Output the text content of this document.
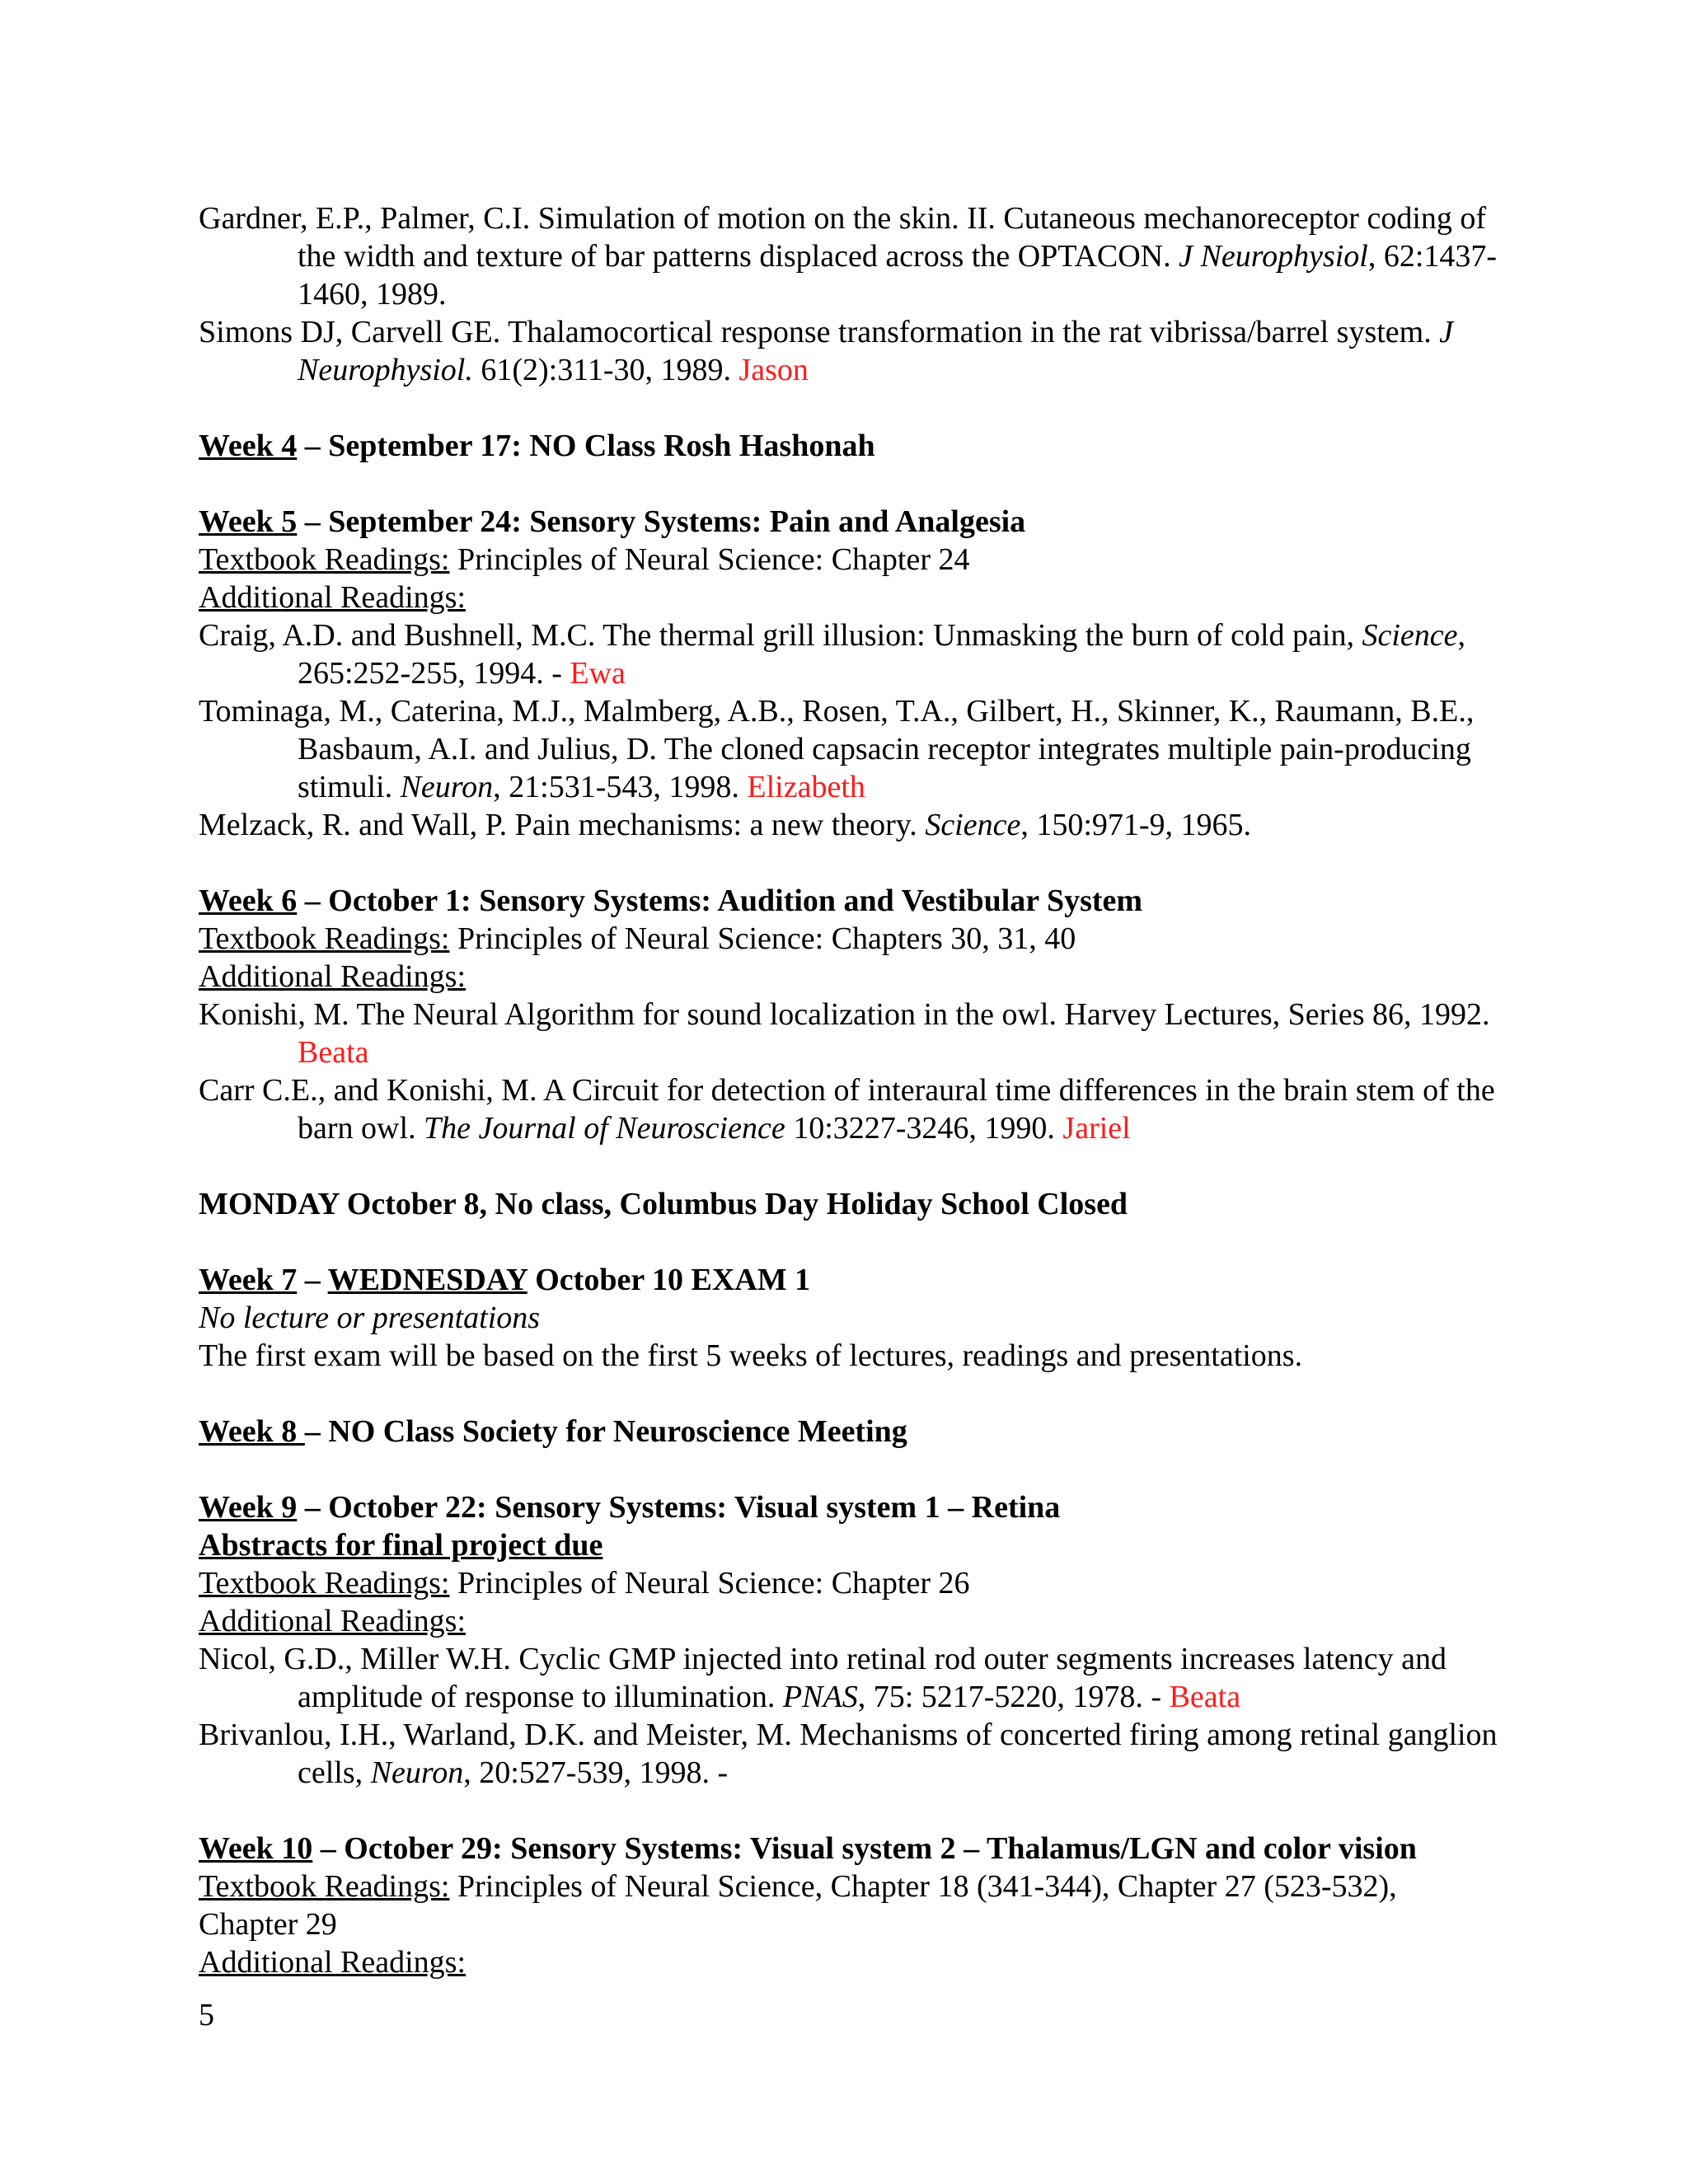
Gardner, E.P., Palmer, C.I. Simulation of motion on the skin. II. Cutaneous mechanoreceptor coding of the width and texture of bar patterns displaced across the OPTACON. J Neurophysiol, 62:1437-1460, 1989.

Simons DJ, Carvell GE. Thalamocortical response transformation in the rat vibrissa/barrel system. J Neurophysiol. 61(2):311-30, 1989. Jason

Week 4 – September 17: NO Class Rosh Hashonah

Week 5 – September 24: Sensory Systems: Pain and Analgesia

Textbook Readings: Principles of Neural Science: Chapter 24

Additional Readings:

Craig, A.D. and Bushnell, M.C. The thermal grill illusion: Unmasking the burn of cold pain, Science, 265:252-255, 1994. - Ewa

Tominaga, M., Caterina, M.J., Malmberg, A.B., Rosen, T.A., Gilbert, H., Skinner, K., Raumann, B.E., Basbaum, A.I. and Julius, D. The cloned capsacin receptor integrates multiple pain-producing stimuli. Neuron, 21:531-543, 1998. Elizabeth

Melzack, R. and Wall, P. Pain mechanisms: a new theory. Science, 150:971-9, 1965.

Week 6 – October 1: Sensory Systems: Audition and Vestibular System

Textbook Readings: Principles of Neural Science: Chapters 30, 31, 40

Additional Readings:

Konishi, M. The Neural Algorithm for sound localization in the owl. Harvey Lectures, Series 86, 1992. Beata

Carr C.E., and Konishi, M. A Circuit for detection of interaural time differences in the brain stem of the barn owl. The Journal of Neuroscience 10:3227-3246, 1990. Jariel

MONDAY October 8, No class, Columbus Day Holiday School Closed

Week 7 – WEDNESDAY October 10 EXAM 1

No lecture or presentations

The first exam will be based on the first 5 weeks of lectures, readings and presentations.

Week 8 – NO Class Society for Neuroscience Meeting

Week 9 – October 22: Sensory Systems: Visual system 1 – Retina

Abstracts for final project due

Textbook Readings: Principles of Neural Science: Chapter 26

Additional Readings:

Nicol, G.D., Miller W.H. Cyclic GMP injected into retinal rod outer segments increases latency and amplitude of response to illumination. PNAS, 75: 5217-5220, 1978. - Beata

Brivanlou, I.H., Warland, D.K. and Meister, M. Mechanisms of concerted firing among retinal ganglion cells, Neuron, 20:527-539, 1998. -

Week 10 – October 29: Sensory Systems: Visual system 2 – Thalamus/LGN and color vision

Textbook Readings: Principles of Neural Science, Chapter 18 (341-344), Chapter 27 (523-532), Chapter 29

Additional Readings:

5
